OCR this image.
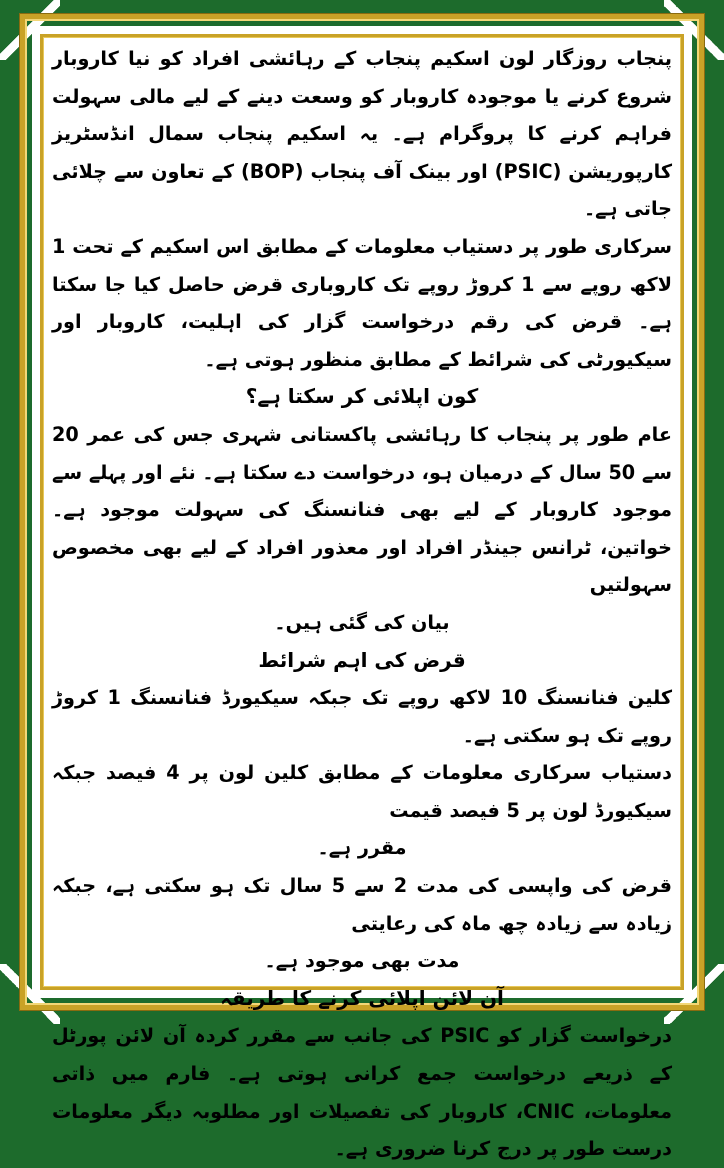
پنجاب روزگار لون اسکیم پنجاب کے رہائشی افراد کو نیا کاروبار شروع کرنے یا موجودہ کاروبار کو وسعت دینے کے لیے مالی سہولت فراہم کرنے کا پروگرام ہے۔ یہ اسکیم پنجاب سمال انڈسٹریز کارپوریشن (PSIC) اور بینک آف پنجاب (BOP) کے تعاون سے چلائی جاتی ہے۔

سرکاری طور پر دستیاب معلومات کے مطابق اس اسکیم کے تحت 1 لاکھ روپے سے 1 کروڑ روپے تک کاروباری قرض حاصل کیا جا سکتا ہے۔ قرض کی رقم درخواست گزار کی اہلیت، کاروبار اور سیکیورٹی کی شرائط کے مطابق منظور ہوتی ہے۔

کون اپلائی کر سکتا ہے؟

عام طور پر پنجاب کا رہائشی پاکستانی شہری جس کی عمر 20 سے 50 سال کے درمیان ہو، درخواست دے سکتا ہے۔ نئے اور پہلے سے موجود کاروبار کے لیے بھی فنانسنگ کی سہولت موجود ہے۔ خواتین، ٹرانس جینڈر افراد اور معذور افراد کے لیے بھی مخصوص سہولتیں

بیان کی گئی ہیں۔

قرض کی اہم شرائط

کلین فنانسنگ 10 لاکھ روپے تک جبکہ سیکیورڈ فنانسنگ 1 کروڑ روپے تک ہو سکتی ہے۔

دستیاب سرکاری معلومات کے مطابق کلین لون پر 4 فیصد جبکہ سیکیورڈ لون پر 5 فیصد قیمت

مقرر ہے۔

قرض کی واپسی کی مدت 2 سے 5 سال تک ہو سکتی ہے، جبکہ زیادہ سے زیادہ چھ ماہ کی رعایتی

مدت بھی موجود ہے۔

آن لائن اپلائی کرنے کا طریقہ

درخواست گزار کو PSIC کی جانب سے مقرر کردہ آن لائن پورٹل کے ذریعے درخواست جمع کرانی ہوتی ہے۔ فارم میں ذاتی معلومات، CNIC، کاروبار کی تفصیلات اور مطلوبہ دیگر معلومات درست طور پر درج کرنا ضروری ہے۔
